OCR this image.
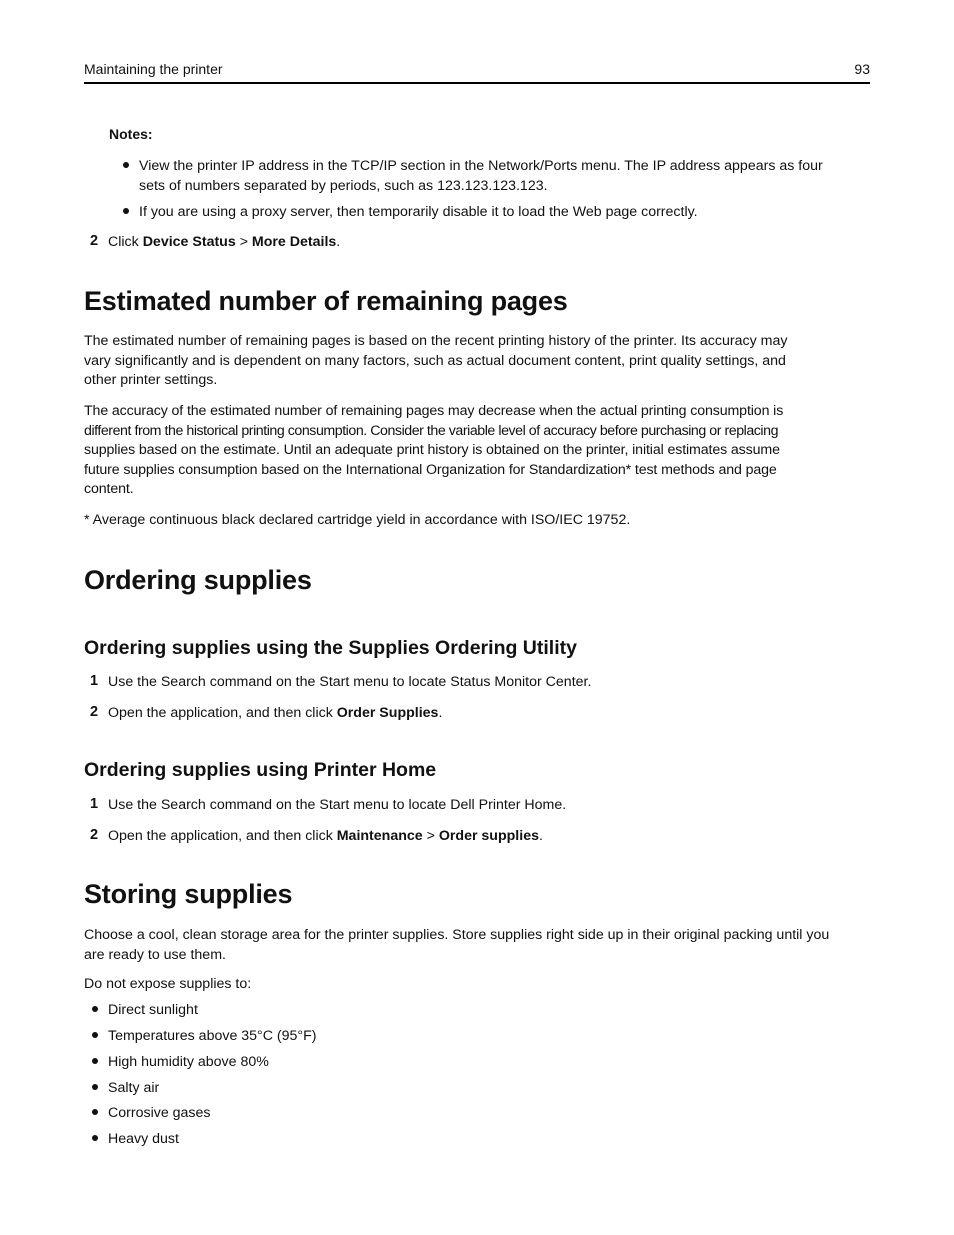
Maintaining the printer	93
Notes:
View the printer IP address in the TCP/IP section in the Network/Ports menu. The IP address appears as four
sets of numbers separated by periods, such as 123.123.123.123.
If you are using a proxy server, then temporarily disable it to load the Web page correctly.
2 Click Device Status > More Details.
Estimated number of remaining pages
The estimated number of remaining pages is based on the recent printing history of the printer. Its accuracy may
vary significantly and is dependent on many factors, such as actual document content, print quality settings, and
other printer settings.
The accuracy of the estimated number of remaining pages may decrease when the actual printing consumption is
different from the historical printing consumption. Consider the variable level of accuracy before purchasing or replacing
supplies based on the estimate. Until an adequate print history is obtained on the printer, initial estimates assume
future supplies consumption based on the International Organization for Standardization* test methods and page
content.
* Average continuous black declared cartridge yield in accordance with ISO/IEC 19752.
Ordering supplies
Ordering supplies using the Supplies Ordering Utility
1 Use the Search command on the Start menu to locate Status Monitor Center.
2 Open the application, and then click Order Supplies.
Ordering supplies using Printer Home
1 Use the Search command on the Start menu to locate Dell Printer Home.
2 Open the application, and then click Maintenance > Order supplies.
Storing supplies
Choose a cool, clean storage area for the printer supplies. Store supplies right side up in their original packing until you
are ready to use them.
Do not expose supplies to:
Direct sunlight
Temperatures above 35°C (95°F)
High humidity above 80%
Salty air
Corrosive gases
Heavy dust
